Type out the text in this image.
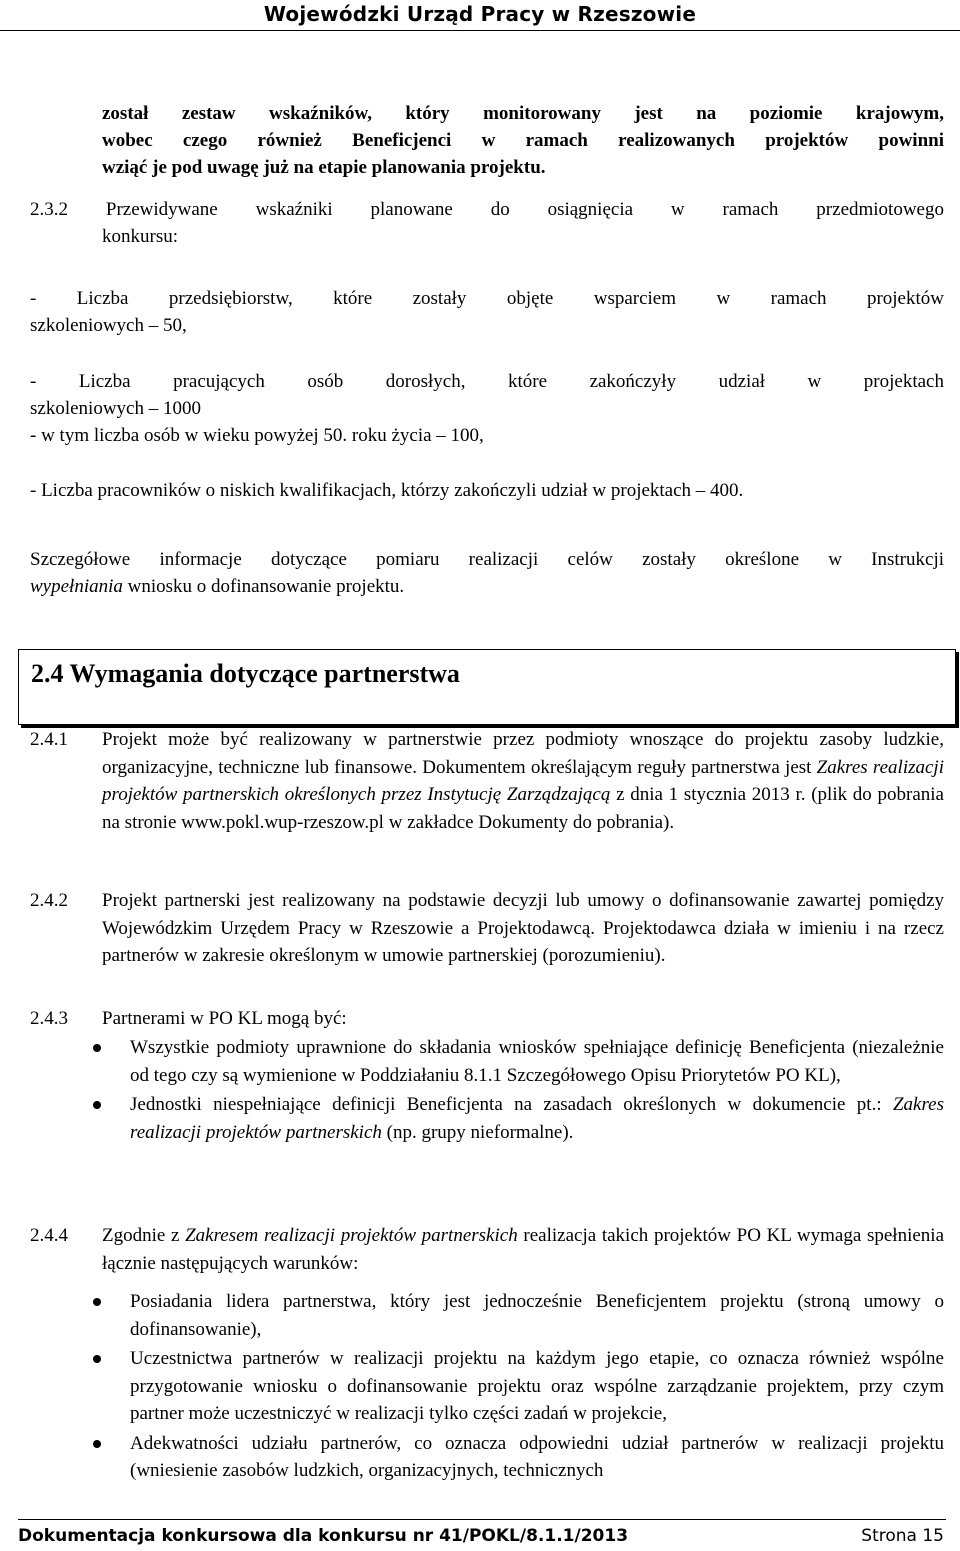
Wojewódzki Urząd Pracy w Rzeszowie
został zestaw wskaźników, który monitorowany jest na poziomie krajowym,
wobec czego również Beneficjenci w ramach realizowanych projektów powinni
wziąć je pod uwagę już na etapie planowania projektu.
2.3.2 Przewidywane wskaźniki planowane do osiągnięcia w ramach przedmiotowego
konkursu:
- Liczba przedsiębiorstw, które zostały objęte wsparciem w ramach projektów
szkoleniowych – 50,
- Liczba pracujących osób dorosłych, które zakończyły udział w projektach
szkoleniowych – 1000
- w tym liczba osób w wieku powyżej 50. roku życia – 100,
- Liczba pracowników o niskich kwalifikacjach, którzy zakończyli udział w projektach – 400.
Szczegółowe informacje dotyczące pomiaru realizacji celów zostały określone w Instrukcji
wypełniania wniosku o dofinansowanie projektu.
2.4 Wymagania dotyczące partnerstwa
2.4.1 Projekt może być realizowany w partnerstwie przez podmioty wnoszące do projektu zasoby ludzkie, organizacyjne, techniczne lub finansowe. Dokumentem określającym reguły partnerstwa jest Zakres realizacji projektów partnerskich określonych przez Instytucję Zarządzającą z dnia 1 stycznia 2013 r. (plik do pobrania na stronie www.pokl.wup-rzeszow.pl w zakładce Dokumenty do pobrania).
2.4.2 Projekt partnerski jest realizowany na podstawie decyzji lub umowy o dofinansowanie zawartej pomiędzy Wojewódzkim Urzędem Pracy w Rzeszowie a Projektodawcą. Projektodawca działa w imieniu i na rzecz partnerów w zakresie określonym w umowie partnerskiej (porozumieniu).
2.4.3 Partnerami w PO KL mogą być:
Wszystkie podmioty uprawnione do składania wniosków spełniające definicję Beneficjenta (niezależnie od tego czy są wymienione w Poddziałaniu 8.1.1 Szczegółowego Opisu Priorytetów PO KL),
Jednostki niespełniające definicji Beneficjenta na zasadach określonych w dokumencie pt.: Zakres realizacji projektów partnerskich (np. grupy nieformalne).
2.4.4 Zgodnie z Zakresem realizacji projektów partnerskich realizacja takich projektów PO KL wymaga spełnienia łącznie następujących warunków:
Posiadania lidera partnerstwa, który jest jednocześnie Beneficjentem projektu (stroną umowy o dofinansowanie),
Uczestnictwa partnerów w realizacji projektu na każdym jego etapie, co oznacza również wspólne przygotowanie wniosku o dofinansowanie projektu oraz wspólne zarządzanie projektem, przy czym partner może uczestniczyć w realizacji tylko części zadań w projekcie,
Adekwatności udziału partnerów, co oznacza odpowiedni udział partnerów w realizacji projektu (wniesienie zasobów ludzkich, organizacyjnych, technicznych
Dokumentacja konkursowa dla konkursu nr 41/POKL/8.1.1/2013	Strona 15
